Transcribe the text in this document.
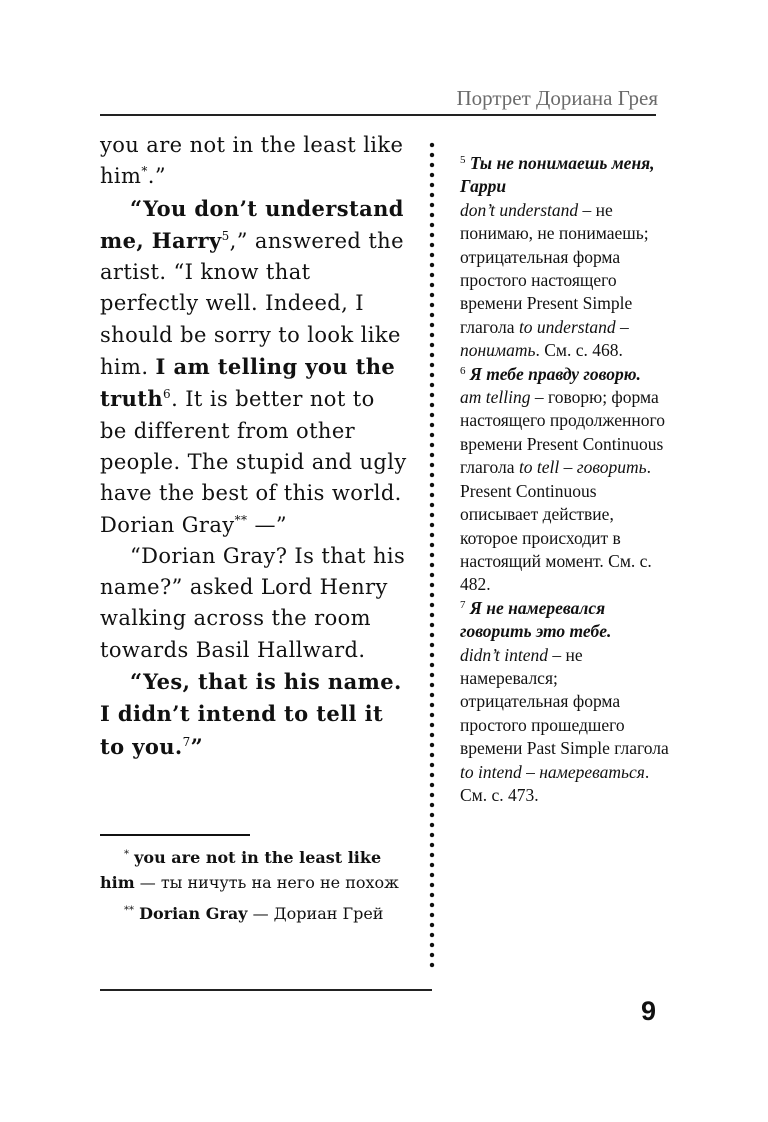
Портрет Дориана Грея

you are not in the least like him*.”

“You don’t understand me, Harry$^5$,” answered the artist. “I know that perfectly well. Indeed, I should be sorry to look like him. I am telling you the truth$^6$. It is better not to be different from other people. The stupid and ugly have the best of this world. Dorian Gray** —”

“Dorian Gray? Is that his name?” asked Lord Henry walking across the room towards Basil Hallward.

“Yes, that is his name. I didn’t intend to tell it to you.$^7$”

* you are not in the least like him — ты ничуть на него не похож

** Dorian Gray — Дориан Грей

$^5$ Ты не понимаешь меня, Гарри
don’t understand – не понимаю, не понимаешь; отрицательная форма простого настоящего времени Present Simple глагола to understand – понимать. См. с. 468.

$^6$ Я тебе правду говорю.
am telling – говорю; форма настоящего продолженного времени Present Continuous глагола to tell – говорить. Present Continuous описывает действие, которое происходит в настоящий момент. См. с. 482.

$^7$ Я не намеревался говорить это тебе.
didn’t intend – не намеревался; отрицательная форма простого прошедшего времени Past Simple глагола to intend – намереваться. См. с. 473.

9
